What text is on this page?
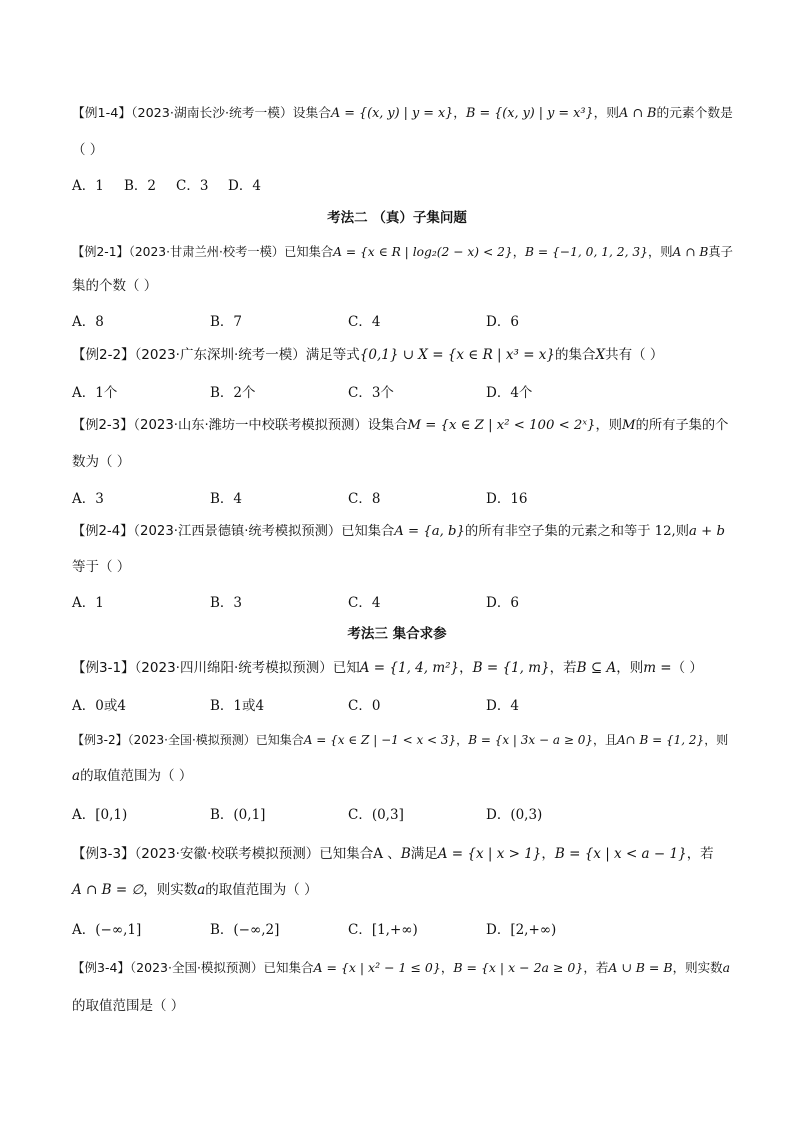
【例1-4】（2023·湖南长沙·统考一模）设集合A = {(x, y) | y = x}，B = {(x, y) | y = x³}，则A ∩ B的元素个数是
（ ）
A．1 B．2 C．3 D．4
考法二 （真）子集问题
【例2-1】（2023·甘肃兰州·校考一模）已知集合A = {x ∈ R | log₂(2 − x) < 2}，B = {−1, 0, 1, 2, 3}，则A ∩ B真子
集的个数（ ）
A．8	B．7	C．4	D．6
【例2-2】（2023·广东深圳·统考一模）满足等式{0,1} ∪ X = {x ∈ R | x³ = x}的集合X共有（ ）
A．1个	B．2个	C．3个	D．4个
【例2-3】（2023·山东·潍坊一中校联考模拟预测）设集合M = {x ∈ Z | x² < 100 < 2ˣ}，则M的所有子集的个
数为（ ）
A．3	B．4	C．8	D．16
【例2-4】（2023·江西景德镇·统考模拟预测）已知集合A = {a, b}的所有非空子集的元素之和等于 12,则a + b
等于（ ）
A．1	B．3	C．4	D．6
考法三 集合求参
【例3-1】（2023·四川绵阳·统考模拟预测）已知A = {1, 4, m²}，B = {1, m}，若B ⊆ A，则m =（ ）
A．0或4	B．1或4	C．0	D．4
【例3-2】（2023·全国·模拟预测）已知集合A = {x ∈ Z | −1 < x < 3}，B = {x | 3x − a ≥ 0}，且A∩ B = {1, 2}，则
a的取值范围为（ ）
A．[0,1)	B．(0,1]	C．(0,3]	D．(0,3)
【例3-3】（2023·安徽·校联考模拟预测）已知集合A 、B满足A = {x | x > 1}，B = {x | x < a − 1}，若
A ∩ B = ∅，则实数a的取值范围为（ ）
A．(−∞,1]	B．(−∞,2]	C．[1,+∞)	D．[2,+∞)
【例3-4】（2023·全国·模拟预测）已知集合A = {x | x² − 1 ≤ 0}，B = {x | x − 2a ≥ 0}，若A ∪ B = B，则实数a
的取值范围是（ ）
